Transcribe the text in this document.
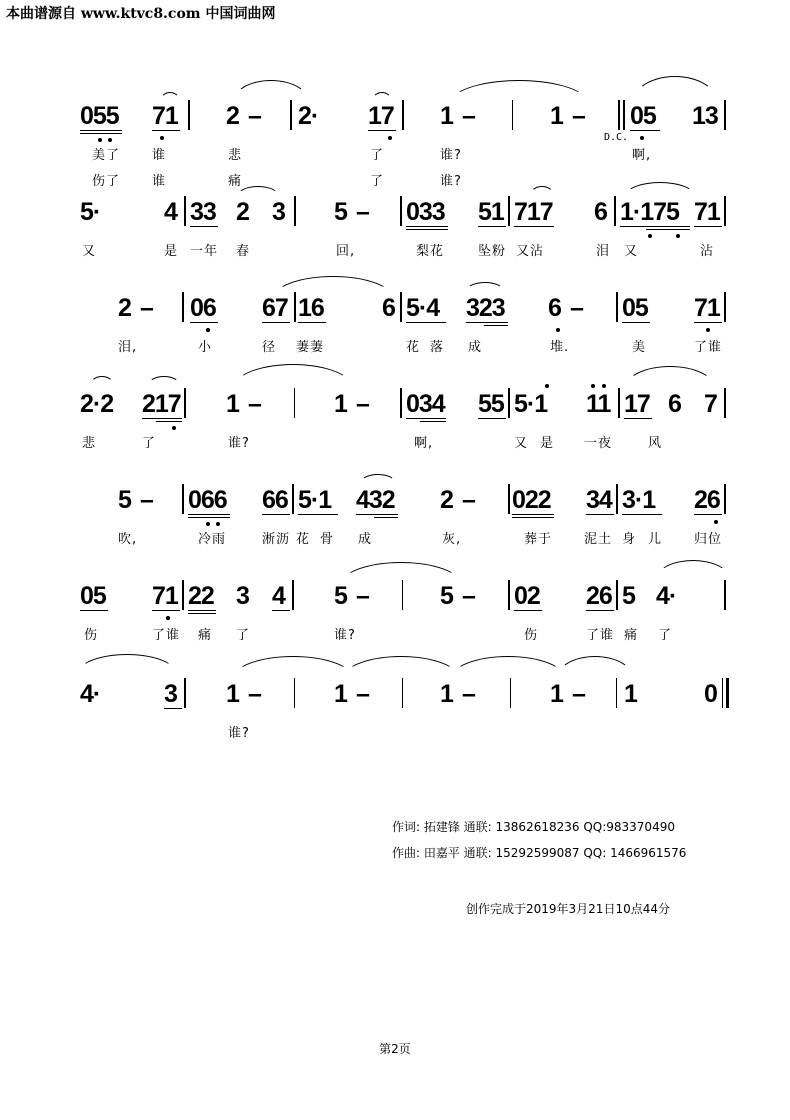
本曲谱源自 www.ktvc8.com 中国词曲网
055 71 2 – 2· 17 1 –	1 – 05 13
D.C.
美了 谁	悲	了	谁?	啊,
伤了 谁	痛	了	谁?
5·	4 33 2 3 5 – 033 51 717 6 1·175 71
又	是 一年 春	回,	梨花	坠粉 又沾	泪 又	沾
2 – 06 67 16 6 5·4 323 6 – 05 71
泪,	小	径 萋萋	花 落 成	堆.	美	了谁
2·2 217 1 –	1 – 034 55 5·1 11 17 6 7
悲	了	谁?	啊,	又 是 一夜	风
5 – 066 66 5·1 432 2 – 022 34 3·1 26
吹,	冷雨	淅沥 花 骨 成	灰,	葬于 泥土 身 儿 归位
05 71 22 3 4 5 –	5 – 02 26 5 4·
伤	了谁 痛 了	谁?	伤	了谁 痛 了
4·	3 1 –	1 –	1 –	1 – 1	0
谁?
作词: 拓建锋 通联: 13862618236 QQ:983370490
作曲: 田嘉平 通联: 15292599087 QQ: 1466961576
创作完成于2019年3月21日10点44分
第2页
